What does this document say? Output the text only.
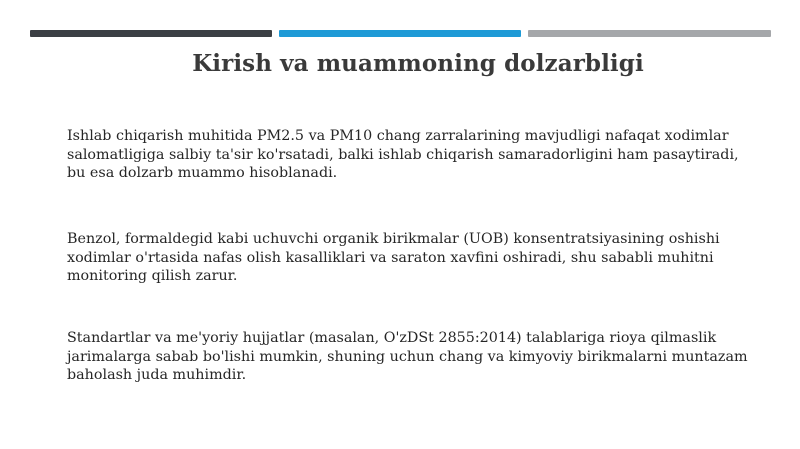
Kirish va muammoning dolzarbligi
Ishlab chiqarish muhitida PM2.5 va PM10 chang zarralarining mavjudligi nafaqat xodimlar
salomatligiga salbiy ta'sir ko'rsatadi, balki ishlab chiqarish samaradorligini ham pasaytiradi,
bu esa dolzarb muammo hisoblanadi.
Benzol, formaldegid kabi uchuvchi organik birikmalar (UOB) konsentratsiyasining oshishi
xodimlar o'rtasida nafas olish kasalliklari va saraton xavfini oshiradi, shu sababli muhitni
monitoring qilish zarur.
Standartlar va me'yoriy hujjatlar (masalan, O'zDSt 2855:2014) talablariga rioya qilmaslik
jarimalarga sabab bo'lishi mumkin, shuning uchun chang va kimyoviy birikmalarni muntazam
baholash juda muhimdir.
